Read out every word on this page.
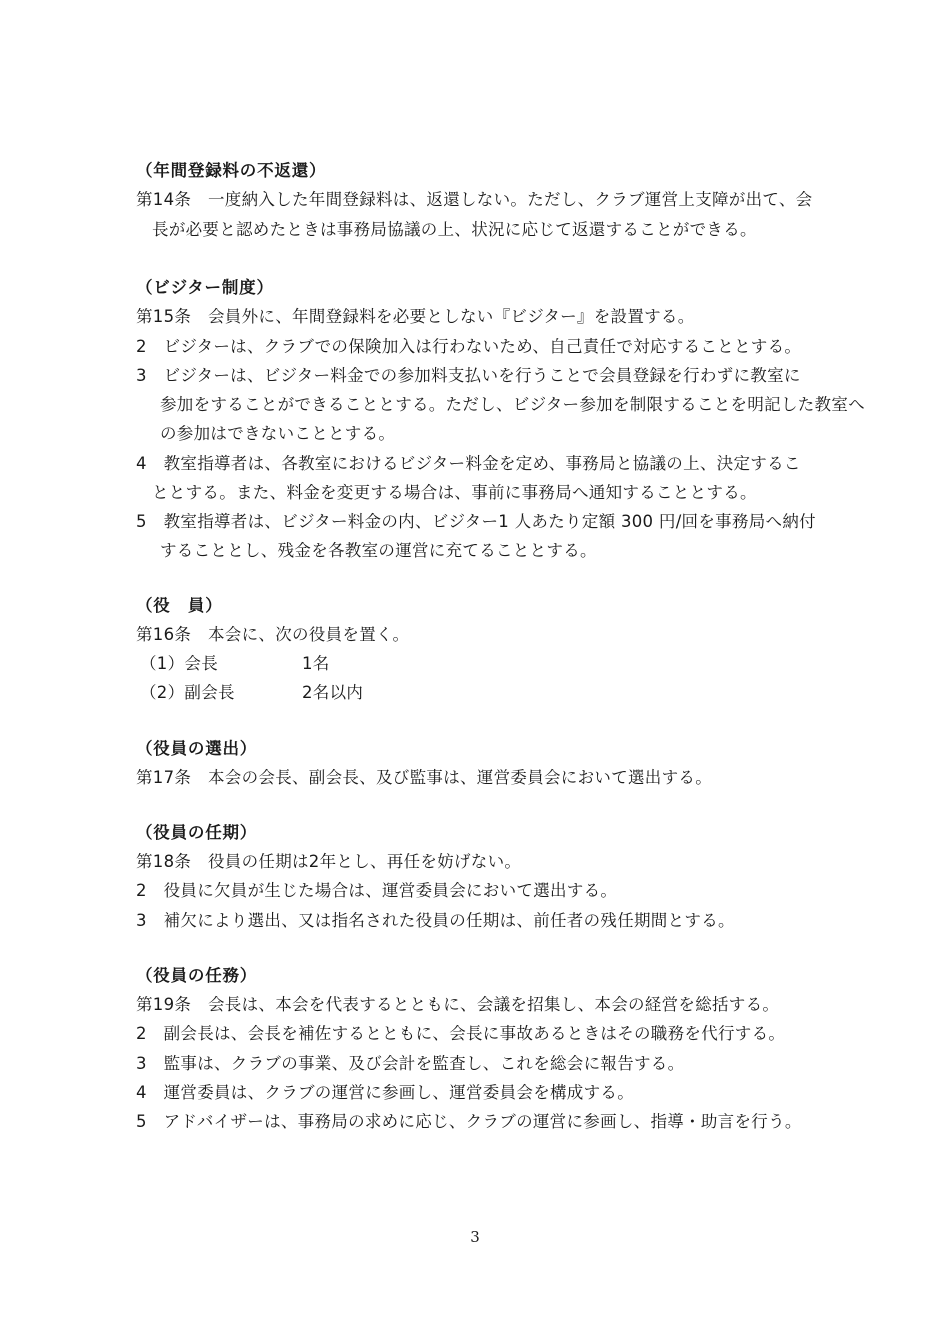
（年間登録料の不返還）
第14条　一度納入した年間登録料は、返還しない。ただし、クラブ運営上支障が出て、会
長が必要と認めたときは事務局協議の上、状況に応じて返還することができる。
（ビジター制度）
第15条　会員外に、年間登録料を必要としない『ビジター』を設置する。
2　ビジターは、クラブでの保険加入は行わないため、自己責任で対応することとする。
3　ビジターは、ビジター料金での参加料支払いを行うことで会員登録を行わずに教室に
参加をすることができることとする。ただし、ビジター参加を制限することを明記した教室へ
の参加はできないこととする。
4　教室指導者は、各教室におけるビジター料金を定め、事務局と協議の上、決定するこ
ととする。また、料金を変更する場合は、事前に事務局へ通知することとする。
5　教室指導者は、ビジター料金の内、ビジター1 人あたり定額 300 円/回を事務局へ納付
することとし、残金を各教室の運営に充てることとする。
（役　員）
第16条　本会に、次の役員を置く。
（1）会長　　　　　1名
（2）副会長　　　　2名以内
（役員の選出）
第17条　本会の会長、副会長、及び監事は、運営委員会において選出する。
（役員の任期）
第18条　役員の任期は2年とし、再任を妨げない。
2　役員に欠員が生じた場合は、運営委員会において選出する。
3　補欠により選出、又は指名された役員の任期は、前任者の残任期間とする。
（役員の任務）
第19条　会長は、本会を代表するとともに、会議を招集し、本会の経営を総括する。
2　副会長は、会長を補佐するとともに、会長に事故あるときはその職務を代行する。
3　監事は、クラブの事業、及び会計を監査し、これを総会に報告する。
4　運営委員は、クラブの運営に参画し、運営委員会を構成する。
5　アドバイザーは、事務局の求めに応じ、クラブの運営に参画し、指導・助言を行う。
3
